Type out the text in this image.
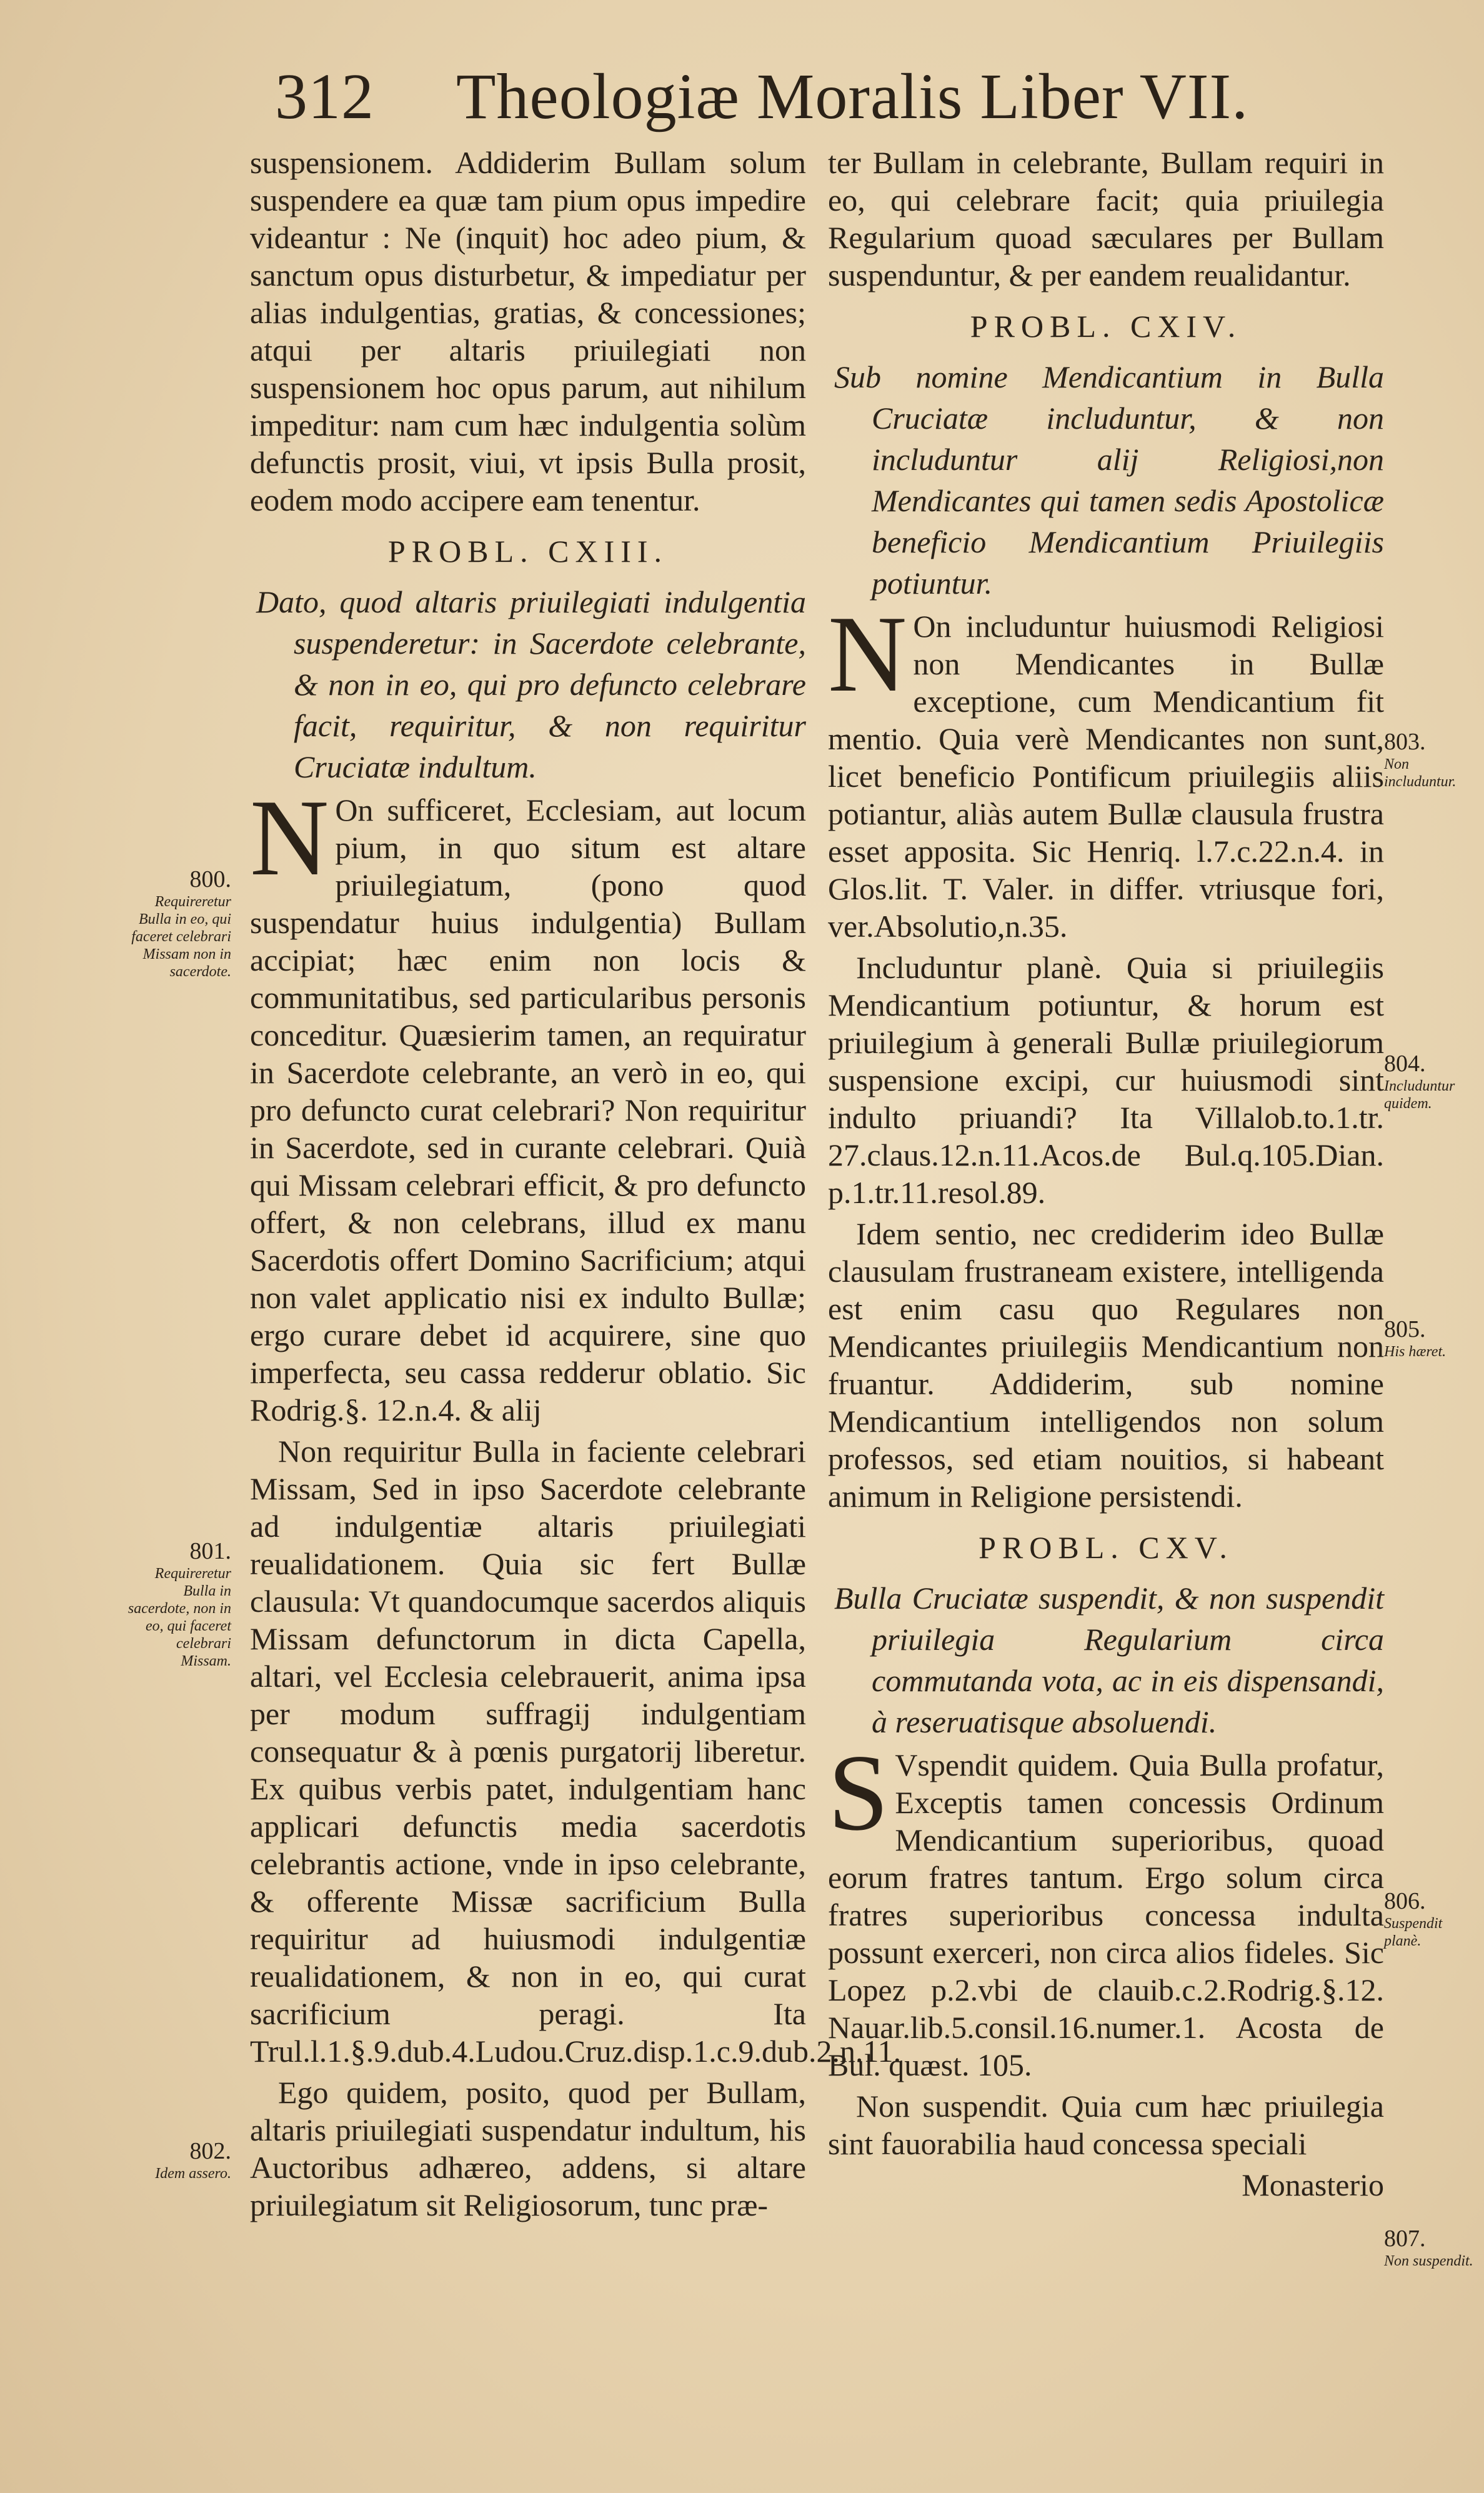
312 Theologiæ Moralis Liber VII.

suspensionem. Addiderim Bullam solum suspendere ea quæ tam pium opus impedire videantur : Ne (inquit) hoc adeo pium, & sanctum opus disturbetur, & impediatur per alias indulgentias, gratias, & concessiones; atqui per altaris priuilegiati non suspensionem hoc opus parum, aut nihilum impeditur: nam cum hæc indulgentia solùm defunctis prosit, viui, vt ipsis Bulla prosit, eodem modo accipere eam tenentur.

PROBL. CXIII.

Dato, quod altaris priuilegiati indulgentia suspenderetur: in Sacerdote celebrante, & non in eo, qui pro defuncto celebrare facit, requiritur, & non requiritur Cruciatæ indultum.

N On sufficeret, Ecclesiam, aut locum pium, in quo situm est altare priuilegiatum, (pono quod suspendatur huius indulgentia) Bullam accipiat; hæc enim non locis & communitatibus, sed particularibus personis conceditur. Quæsierim tamen, an requiratur in Sacerdote celebrante, an verò in eo, qui pro defuncto curat celebrari? Non requiritur in Sacerdote, sed in curante celebrari. Quià qui Missam celebrari efficit, & pro defuncto offert, & non celebrans, illud ex manu Sacerdotis offert Domino Sacrificium; atqui non valet applicatio nisi ex indulto Bullæ; ergo curare debet id acquirere, sine quo imperfecta, seu cassa redderur oblatio. Sic Rodrig.§. 12.n.4. & alij

Non requiritur Bulla in faciente celebrari Missam, Sed in ipso Sacerdote celebrante ad indulgentiæ altaris priuilegiati reualidationem. Quia sic fert Bullæ clausula: Vt quandocumque sacerdos aliquis Missam defunctorum in dicta Capella, altari, vel Ecclesia celebrauerit, anima ipsa per modum suffragij indulgentiam consequatur & à pœnis purgatorij liberetur. Ex quibus verbis patet, indulgentiam hanc applicari defunctis media sacerdotis celebrantis actione, vnde in ipso celebrante, & offerente Missæ sacrificium Bulla requiritur ad huiusmodi indulgentiæ reualidationem, & non in eo, qui curat sacrificium peragi. Ita Trul.l.1.§.9.dub.4.Ludou.Cruz.disp.1.c.9.dub.2.n.11.

Ego quidem, posito, quod per Bullam, altaris priuilegiati suspendatur indultum, his Auctoribus adhæreo, addens, si altare priuilegiatum sit Religiosorum, tunc præ-

ter Bullam in celebrante, Bullam requiri in eo, qui celebrare facit; quia priuilegia Regularium quoad sæculares per Bullam suspenduntur, & per eandem reualidantur.

PROBL. CXIV.

Sub nomine Mendicantium in Bulla Cruciatæ includuntur, & non includuntur alij Religiosi,non Mendicantes qui tamen sedis Apostolicæ beneficio Mendicantium Priuilegiis potiuntur.

N On includuntur huiusmodi Religiosi non Mendicantes in Bullæ exceptione, cum Mendicantium fit mentio. Quia verè Mendicantes non sunt, licet beneficio Pontificum priuilegiis aliis potiantur, aliàs autem Bullæ clausula frustra esset apposita. Sic Henriq. l.7.c.22.n.4. in Glos.lit. T. Valer. in differ. vtriusque fori, ver.Absolutio,n.35.

Includuntur planè. Quia si priuilegiis Mendicantium potiuntur, & horum est priuilegium à generali Bullæ priuilegiorum suspensione excipi, cur huiusmodi sint indulto priuandi? Ita Villalob.to.1.tr. 27.claus.12.n.11.Acos.de Bul.q.105.Dian. p.1.tr.11.resol.89.

Idem sentio, nec crediderim ideo Bullæ clausulam frustraneam existere, intelligenda est enim casu quo Regulares non Mendicantes priuilegiis Mendicantium non fruantur. Addiderim, sub nomine Mendicantium intelligendos non solum professos, sed etiam nouitios, si habeant animum in Religione persistendi.

PROBL. CXV.

Bulla Cruciatæ suspendit, & non suspendit priuilegia Regularium circa commutanda vota, ac in eis dispensandi, à reseruatisque absoluendi.

S Vspendit quidem. Quia Bulla profatur, Exceptis tamen concessis Ordinum Mendicantium superioribus, quoad eorum fratres tantum. Ergo solum circa fratres superioribus concessa indulta possunt exerceri, non circa alios fideles. Sic Lopez p.2.vbi de clauib.c.2.Rodrig.§.12. Nauar.lib.5.consil.16.numer.1. Acosta de Bul. quæst. 105.

Non suspendit. Quia cum hæc priuilegia sint fauorabilia haud concessa speciali

Monasterio
800.
Requireretur Bulla in eo, qui faceret celebrari Missam non in sacerdote.
801.
Requireretur Bulla in sacerdote, non in eo, qui faceret celebrari Missam.
802.
Idem assero.
803.
Non includuntur.
804.
Includuntur quidem.
805.
His hæret.
806.
Suspendit planè.
807.
Non suspendit.
